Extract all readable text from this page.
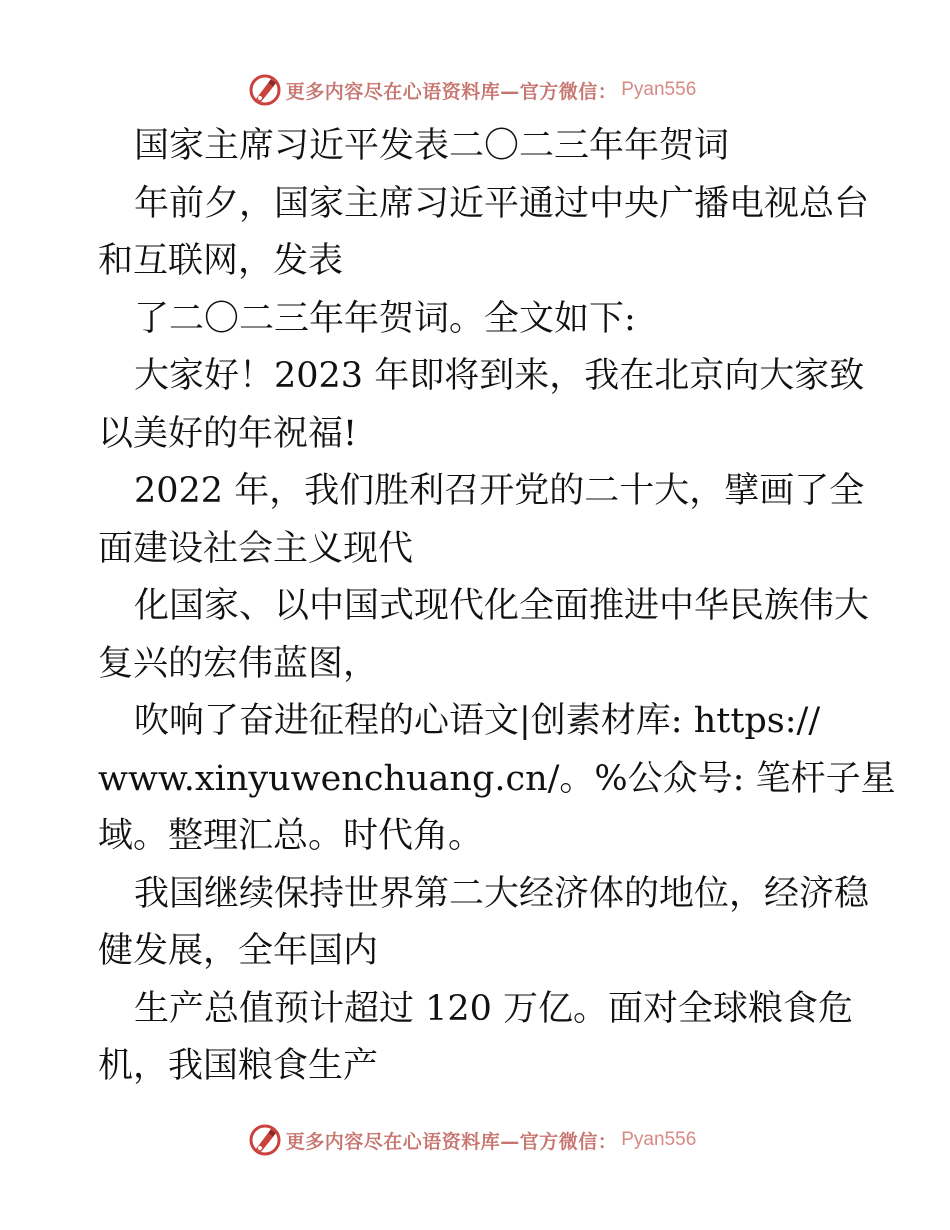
更多内容尽在心语资料库—官方微信： Pyan556

国家主席习近平发表二〇二三年年贺词

年前夕，国家主席习近平通过中央广播电视总台

和互联网，发表

了二〇二三年年贺词。全文如下:

大家好！2023 年即将到来，我在北京向大家致

以美好的年祝福!

2022 年，我们胜利召开党的二十大，擘画了全

面建设社会主义现代

化国家、以中国式现代化全面推进中华民族伟大

复兴的宏伟蓝图，

吹响了奋进征程的心语文|创素材库: https://

www.xinyuwenchuang.cn/。%公众号: 笔杆子星

域。整理汇总。时代角。

我国继续保持世界第二大经济体的地位，经济稳

健发展，全年国内

生产总值预计超过 120 万亿。面对全球粮食危

机，我国粮食生产

更多内容尽在心语资料库—官方微信： Pyan556
